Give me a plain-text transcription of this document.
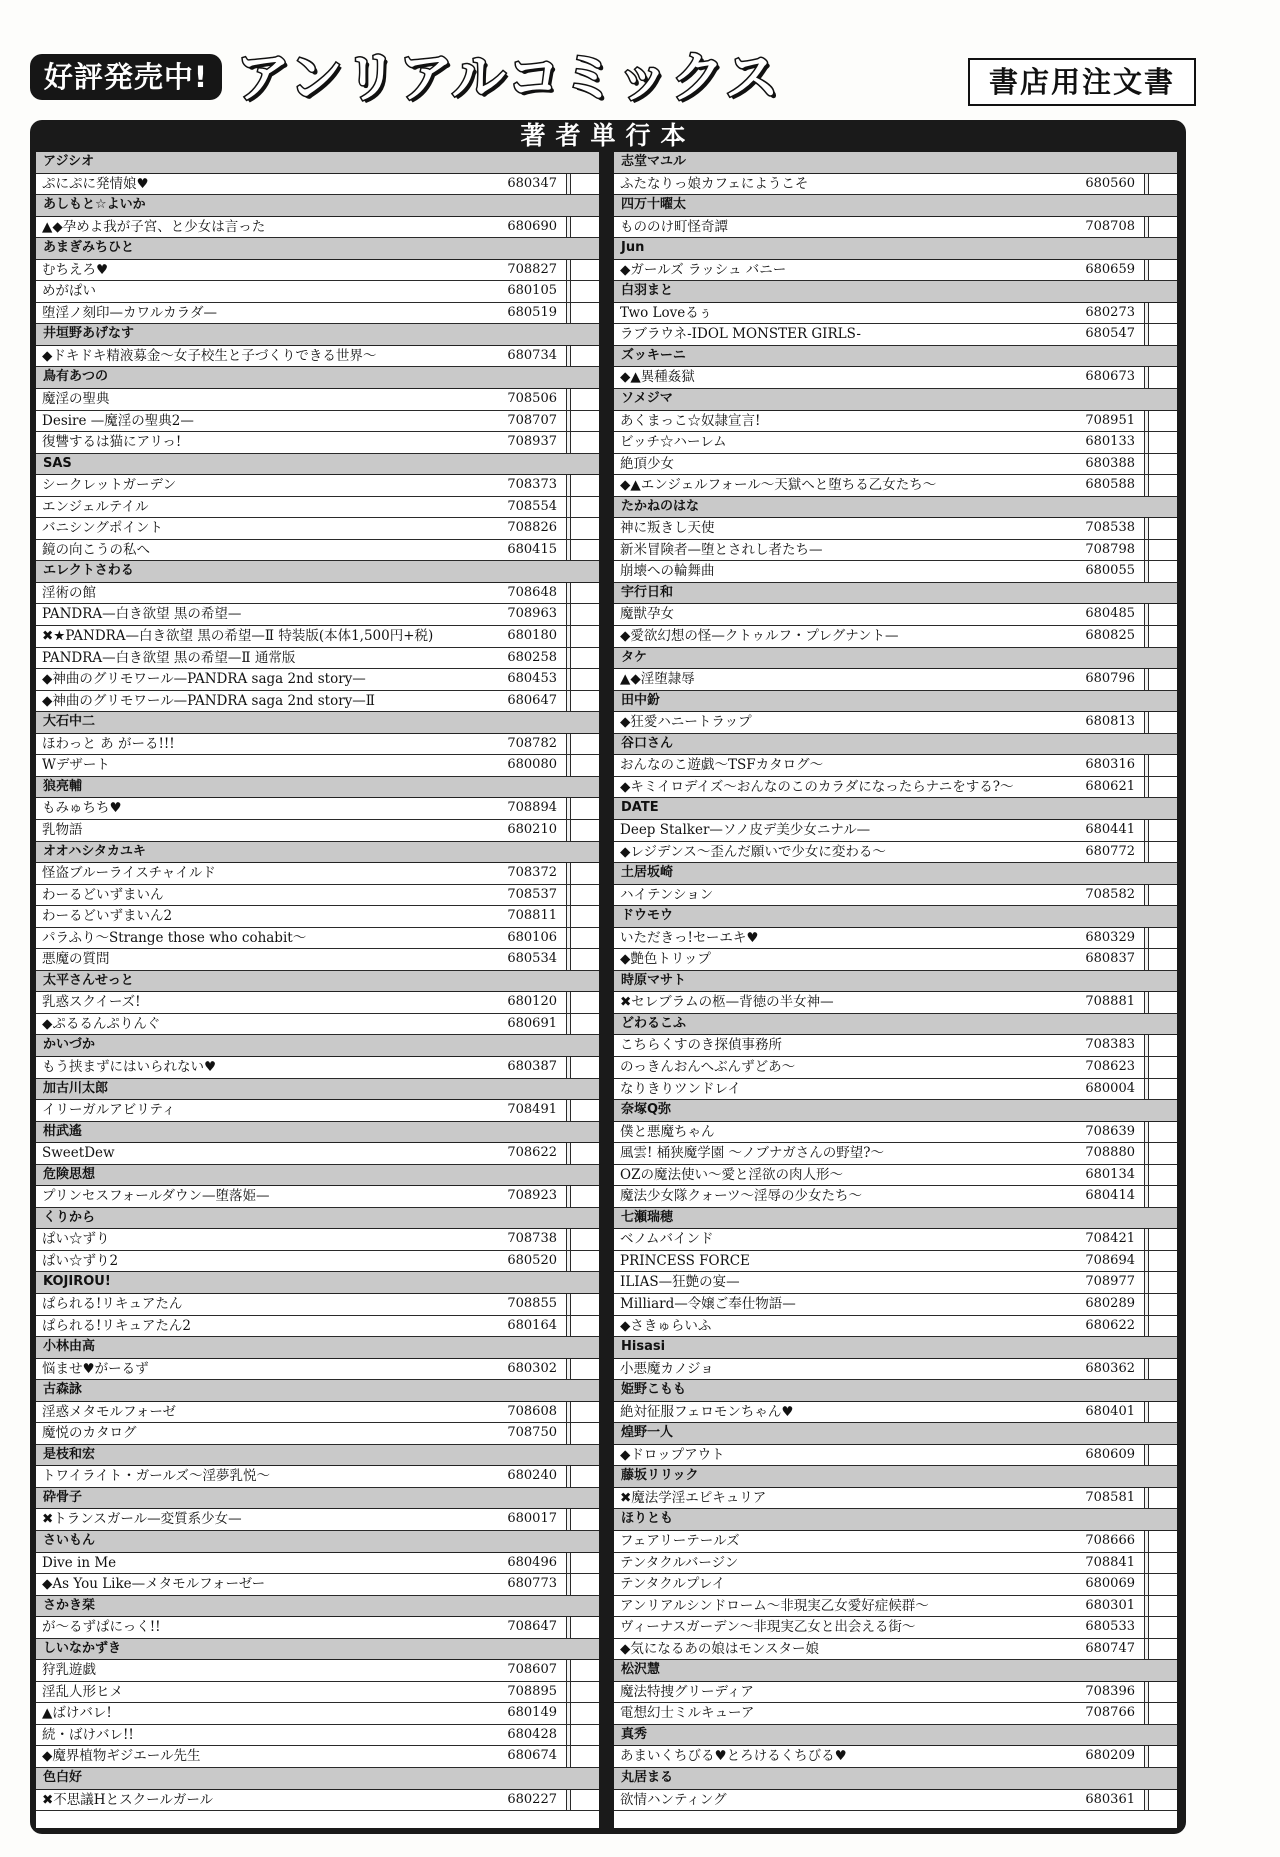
好評発売中! アンリアルコミックス	書店用注文書
著者単行本
アジシオ
ぷにぷに発情娘♥	680347
あしもと☆よいか
▲◆孕めよ我が子宮、と少女は言った	680690
あまぎみちひと
むちえろ♥	708827
めがぱい	680105
堕淫ノ刻印—カワルカラダ—	680519
井垣野あげなす
◆ドキドキ精液募金〜女子校生と子づくりできる世界〜	680734
鳥有あつの
魔淫の聖典	708506
Desire —魔淫の聖典2—	708707
復讐するは猫にアリっ!	708937
SAS
シークレットガーデン	708373
エンジェルテイル	708554
バニシングポイント	708826
鏡の向こうの私へ	680415
エレクトさわる
淫術の館	708648
PANDRA—白き欲望 黒の希望—	708963
✖★PANDRA—白き欲望 黒の希望—Ⅱ 特装版(本体1,500円+税)	680180
PANDRA—白き欲望 黒の希望—Ⅱ 通常版	680258
◆神曲のグリモワール—PANDRA saga 2nd story—	680453
◆神曲のグリモワール—PANDRA saga 2nd story—Ⅱ	680647
大石中二
ほわっと あ がーる!!!	708782
Wデザート	680080
狼亮輔
もみゅちち♥	708894
乳物語	680210
オオハシタカユキ
怪盗ブルーライスチャイルド	708372
わーるどいずまいん	708537
わーるどいずまいん2	708811
パラふり〜Strange those who cohabit〜	680106
悪魔の質問	680534
太平さんせっと
乳惑スクイーズ!	680120
◆ぷるるんぷりんぐ	680691
かいづか
もう挟まずにはいられない♥	680387
加古川太郎
イリーガルアビリティ	708491
柑武遙
SweetDew	708622
危険思想
プリンセスフォールダウン—堕落姫—	708923
くりから
ぱい☆ずり	708738
ぱい☆ずり2	680520
KOJIROU!
ぱられる!リキュアたん	708855
ぱられる!リキュアたん2	680164
小林由高
悩ませ♥がーるず	680302
古森詠
淫惑メタモルフォーゼ	708608
魔悦のカタログ	708750
是枝和宏
トワイライト・ガールズ〜淫夢乳悦〜	680240
砕骨子
✖トランスガール—変質系少女—	680017
さいもん
Dive in Me	680496
◆As You Like—メタモルフォーゼー	680773
さかき栞
が〜るずぱにっく!!	708647
しいなかずき
狩乳遊戯	708607
淫乱人形ヒメ	708895
▲ばけバレ!	680149
続・ばけバレ!!	680428
◆魔界植物ギジエール先生	680674
色白好
✖不思議Hとスクールガール	680227
志堂マユル
ふたなりっ娘カフェにようこそ	680560
四万十曜太
もののけ町怪奇譚	708708
Jun
◆ガールズ ラッシュ バニー	680659
白羽まと
Two Loveるぅ	680273
ラブラウネ-IDOL MONSTER GIRLS-	680547
ズッキーニ
◆▲異種姦獄	680673
ソメジマ
あくまっこ☆奴隷宣言!	708951
ビッチ☆ハーレム	680133
絶頂少女	680388
◆▲エンジェルフォール〜天獄へと堕ちる乙女たち〜	680588
たかねのはな
神に叛きし天使	708538
新米冒険者—堕とされし者たち—	708798
崩壊への輪舞曲	680055
宇行日和
魔獣孕女	680485
◆愛欲幻想の怪—クトゥルフ・プレグナント—	680825
タケ
▲◆淫堕隷辱	680796
田中鈖
◆狂愛ハニートラップ	680813
谷口さん
おんなのこ遊戯〜TSFカタログ〜	680316
◆キミイロデイズ〜おんなのこのカラダになったらナニをする?〜	680621
DATE
Deep Stalker—ソノ皮デ美少女ニナル—	680441
◆レジデンス〜歪んだ願いで少女に変わる〜	680772
土居坂崎
ハイテンション	708582
ドウモウ
いただきっ!セーエキ♥	680329
◆艶色トリップ	680837
時原マサト
✖セレブラムの柩—背徳の半女神—	708881
どわるこふ
こちらくすのき探偵事務所	708383
のっきんおんへぶんずどあ〜	708623
なりきりツンドレイ	680004
奈塚Q弥
僕と悪魔ちゃん	708639
風雲! 桶狭魔学園 〜ノブナガさんの野望?〜	708880
OZの魔法使い〜愛と淫欲の肉人形〜	680134
魔法少女隊クォーツ〜淫辱の少女たち〜	680414
七瀬瑞穂
ベノムバインド	708421
PRINCESS FORCE	708694
ILIAS—狂艶の宴—	708977
Milliard—令嬢ご奉仕物語—	680289
◆さきゅらいふ	680622
Hisasi
小悪魔カノジョ	680362
姫野こもも
絶対征服フェロモンちゃん♥	680401
煌野一人
◆ドロップアウト	680609
藤坂リリック
✖魔法学淫エピキュリア	708581
ほりとも
フェアリーテールズ	708666
テンタクルバージン	708841
テンタクルプレイ	680069
アンリアルシンドローム〜非現実乙女愛好症候群〜	680301
ヴィーナスガーデン〜非現実乙女と出会える街〜	680533
◆気になるあの娘はモンスター娘	680747
松沢慧
魔法特捜グリーディア	708396
電想幻士ミルキューア	708766
真秀
あまいくちびる♥とろけるくちびる♥	680209
丸居まる
欲情ハンティング	680361
